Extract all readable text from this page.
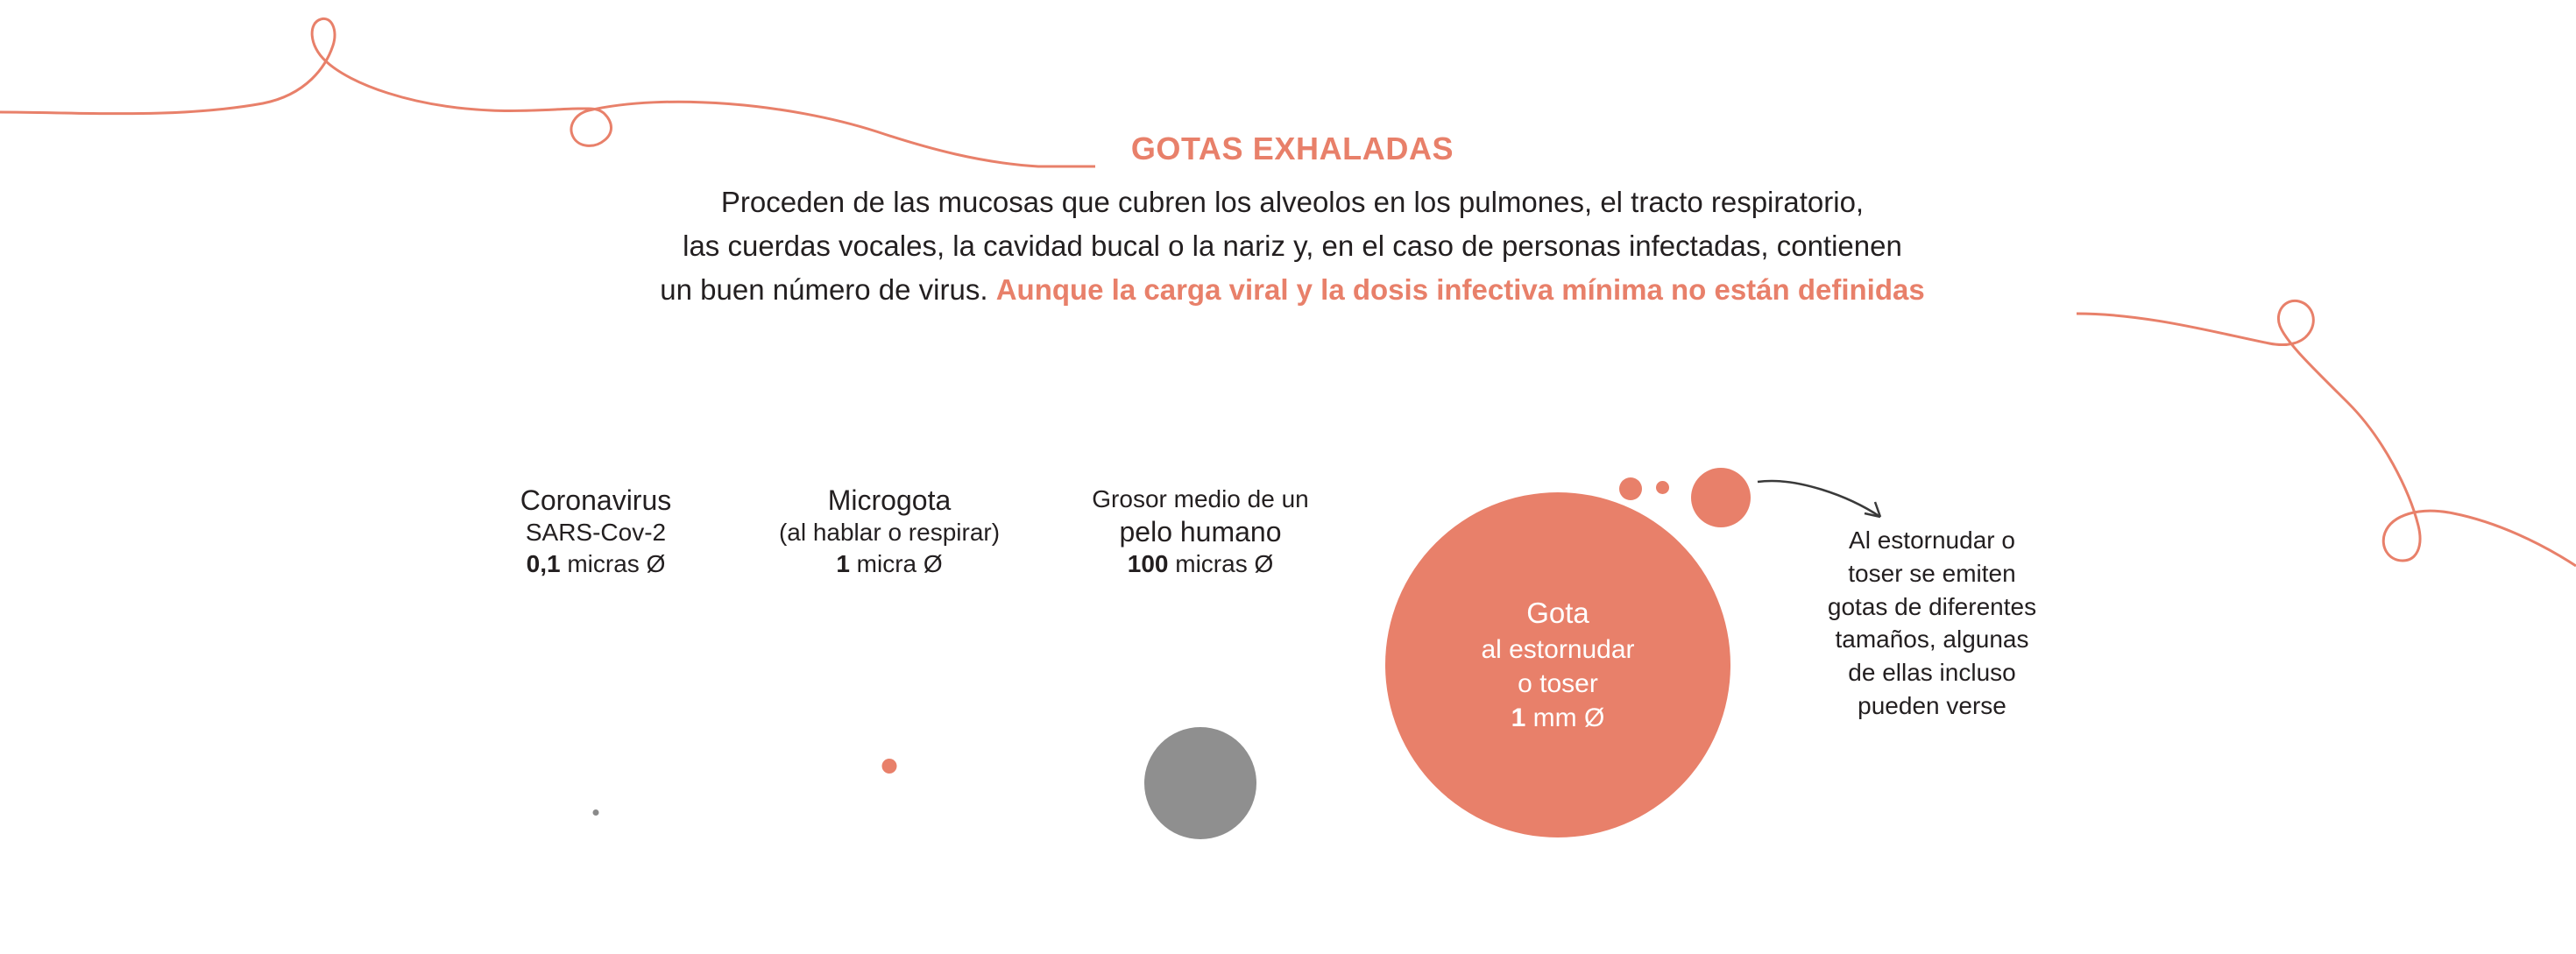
GOTAS EXHALADAS

Proceden de las mucosas que cubren los alveolos en los pulmones, el tracto respiratorio,

las cuerdas vocales, la cavidad bucal o la nariz y, en el caso de personas infectadas, contienen

un buen número de virus. Aunque la carga viral y la dosis infectiva mínima no están definidas

Coronavirus
SARS-Cov-2
0,1 micras Ø
Microgota
(al hablar o respirar)
1 micra Ø
Grosor medio de un
pelo humano
100 micras Ø
Gota
al estornudar
o toser
1 mm Ø
Al estornudar o
toser se emiten
gotas de diferentes
tamaños, algunas
de ellas incluso
pueden verse
